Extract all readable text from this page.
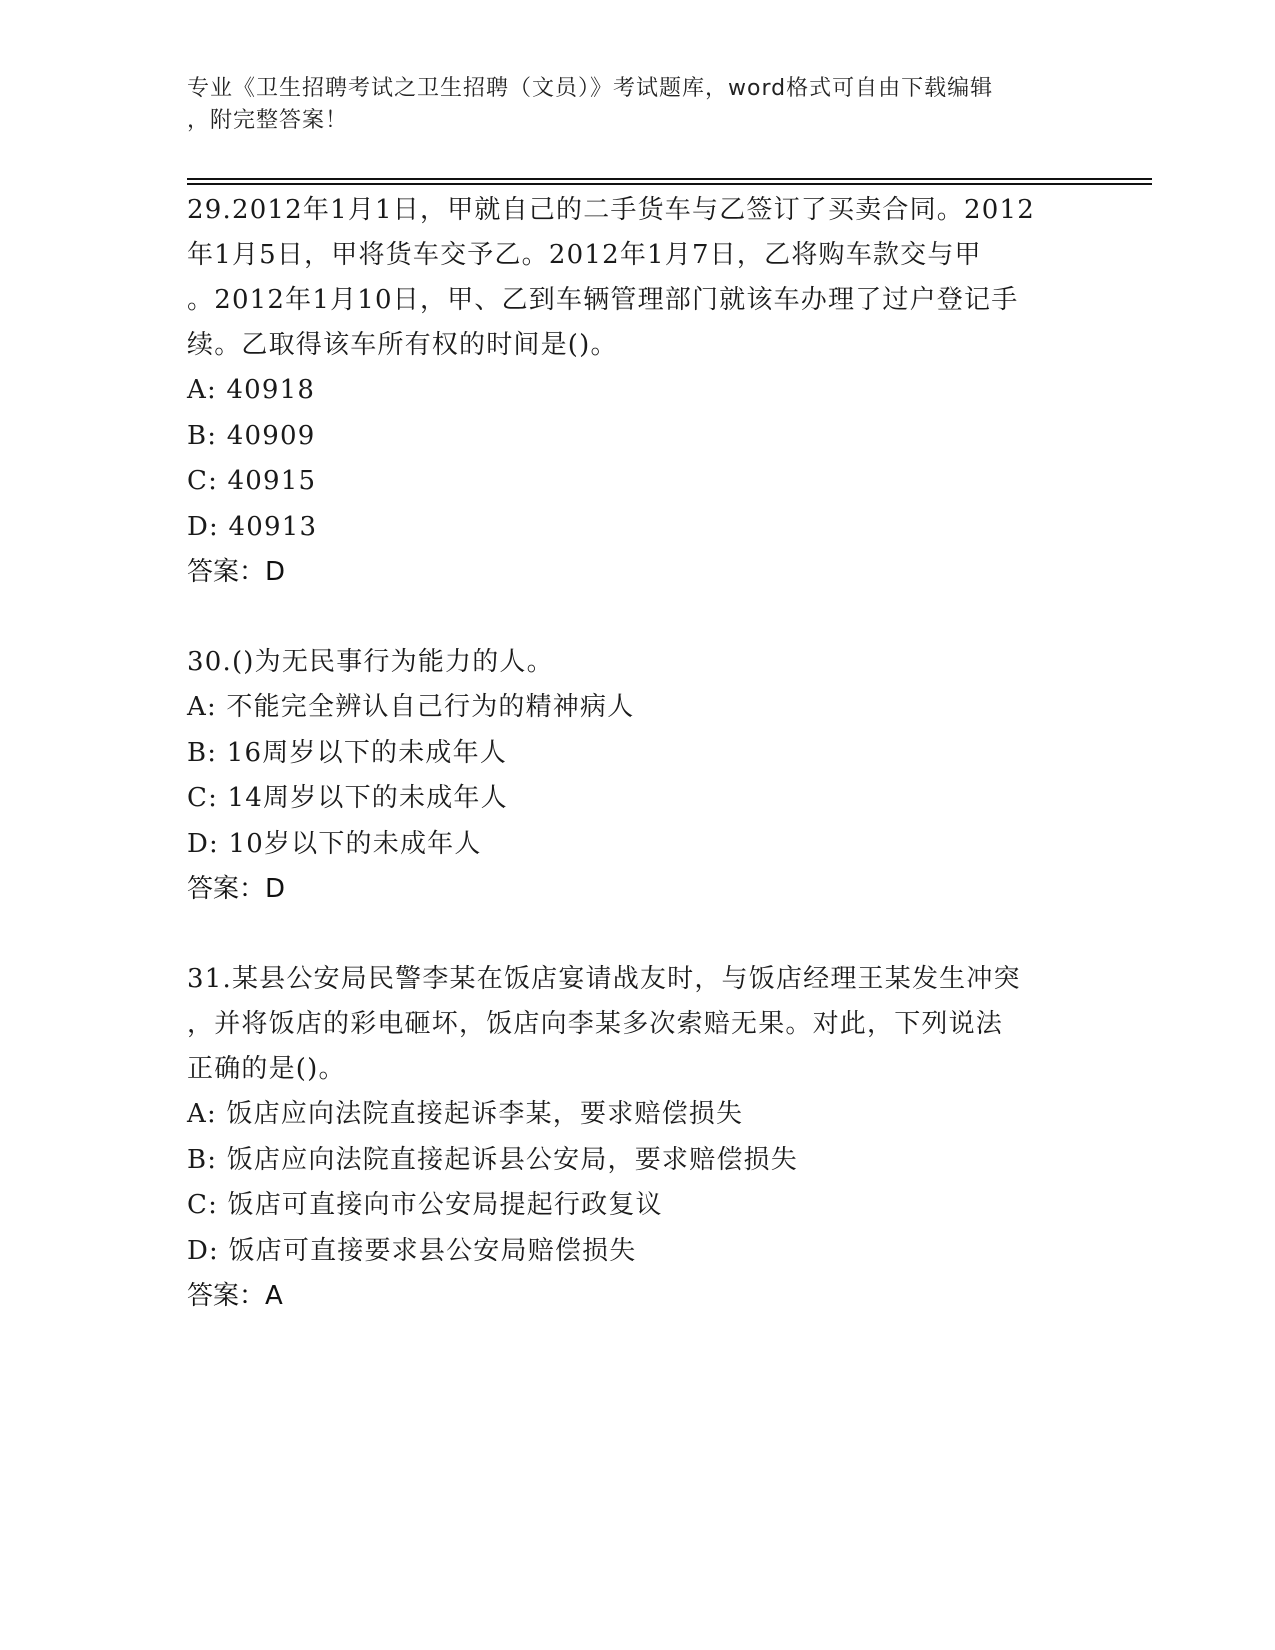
专业《卫生招聘考试之卫生招聘（文员）》考试题库，word格式可自由下载编辑
，附完整答案！
29.2012年1月1日，甲就自己的二手货车与乙签订了买卖合同。2012
年1月5日，甲将货车交予乙。2012年1月7日，乙将购车款交与甲
。2012年1月10日，甲、乙到车辆管理部门就该车办理了过户登记手
续。乙取得该车所有权的时间是()。
A: 40918
B: 40909
C: 40915
D: 40913
答案：D
30.()为无民事行为能力的人。
A: 不能完全辨认自己行为的精神病人
B: 16周岁以下的未成年人
C: 14周岁以下的未成年人
D: 10岁以下的未成年人
答案：D
31.某县公安局民警李某在饭店宴请战友时，与饭店经理王某发生冲突
，并将饭店的彩电砸坏，饭店向李某多次索赔无果。对此，下列说法
正确的是()。
A: 饭店应向法院直接起诉李某，要求赔偿损失
B: 饭店应向法院直接起诉县公安局，要求赔偿损失
C: 饭店可直接向市公安局提起行政复议
D: 饭店可直接要求县公安局赔偿损失
答案：A
